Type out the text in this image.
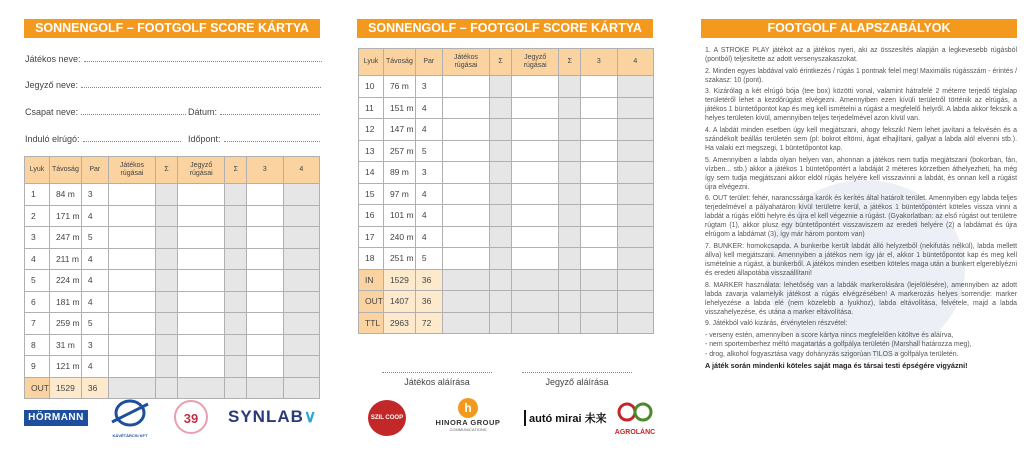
SONNENGOLF – FOOTGOLF SCORE KÁRTYA
Játékos neve:
Jegyző neve:
Csapat neve:	Dátum:
Induló elrúgó:	Időpont:
Lyuk	Távoság	Par	Játékos rúgásai	Σ	Jegyző rúgásai	Σ	3	4
1	84 m	3						
2	171 m	4						
3	247 m	5						
4	211 m	4						
5	224 m	4						
6	181 m	4						
7	259 m	5						
8	31 m	3						
9	121 m	4						
OUT	1529	36						
HÖRMANN
KÁVÉTÁRCSI KFT
39	SYNLAB∨
SONNENGOLF – FOOTGOLF SCORE KÁRTYA
Lyuk	Távoság	Par	Játékos rúgásai	Σ	Jegyző rúgásai	Σ	3	4
10	76 m	3						
11	151 m	4						
12	147 m	4						
13	257 m	5						
14	89 m	3						
15	97 m	4						
16	101 m	4						
17	240 m	4						
18	251 m	5						
IN	1529	36						
OUT	1407	36						
TTL	2963	72						
Játékos aláírása	Jegyző aláírása
SZIL COOP
h
HINORA GROUP
COMMUNICATIONS
autó mirai 未来
AGROLÁNC
FOOTGOLF ALAPSZABÁLYOK

1. A STROKE PLAY játékot az a játékos nyeri, aki az összesítés alapján a legkevesebb rúgásból (pontból) teljesítette az adott versenyszakaszokat.

2. Minden egyes labdával való érintkezés / rúgás 1 pontnak felel meg! Maximális rúgásszám - érintés / szakasz: 10 (pont).

3. Kizárólag a két elrúgó bója (tee box) közötti vonal, valamint hátrafelé 2 méterre terjedő téglalap területéről lehet a kezdőrúgást elvégezni. Amennyiben ezen kívüli területről történik az elrúgás, a játékos 1 büntetőpontot kap és meg kell ismételni a rúgást a megfelelő helyről. A labda akkor fekszik a helyes területen kívül, amennyiben teljes terjedelmével azon kívül van.

4. A labdát minden esetben úgy kell megjátszani, ahogy fekszik! Nem lehet javítani a fekvésén és a szándékolt beállás területén sem (pl: bokrot eltörni, ágat elhajlítani, gallyat a labda alól elvenni stb.). Ha valaki ezt megszegi, 1 büntetőpontot kap.

5. Amennyiben a labda olyan helyen van, ahonnan a játékos nem tudja megjátszani (bokorban, fán, vízben... stb.) akkor a játékos 1 büntetőpontért a labdáját 2 méteres körzetben áthelyezheti, ha még így sem tudja megjátszani akkor eldöl rúgás helyére kell visszavinni a labdát, és onnan kell a rúgást újra elvégezni.

6. OUT terület: fehér, narancssárga karók és kerítés által határolt terület. Amennyiben egy labda teljes terjedelmével a pályahatáron kívül területre kerül, a játékos 1 büntetőpontért köteles vissza vinni a labdát a rúgás előtti helyre és újra el kell végeznie a rúgást. (Gyakorlatban: az első rúgást out területre rúgtam (1), akkor plusz egy büntetőpontért visszaviszem az eredeti helyére (2) a labdámat és újra elrúgom a labdámat (3), így már három pontom van)

7. BUNKER: homokcsapda. A bunkerbe került labdát álló helyzetből (nekifutás nélkül), labda mellett állva) kell megjátszani. Amennyiben a játékos nem így jár el, akkor 1 büntetőpontot kap és meg kell ismételnie a rúgást, a bunkerből. A játékos minden esetben köteles maga után a bunkert elgereblyézni és eredeti állapotába visszaállítani!

8. MARKER használata: lehetőség van a labdák markerolására (lejelölésére), amennyiben az adott labda zavarja valamelyik játékost a rúgás elvégzésében! A markerozás helyes sorrendje: marker lehelyezése a labda elé (nem közelebb a lyukhoz), labda eltávolítása, felvétele, majd a labda visszahelyezése, és utána a marker eltávolítása.

9. Játékból való kizárás, érvénytelen részvétel:

- verseny estén, amennyiben a score kártya nincs megfelelően kitöltve és aláírva,

- nem sportemberhez méltó magatartás a golfpálya területén (Marshall határozza meg),

- drog, alkohol fogyasztása vagy dohányzás szigorúan TILOS a golfpálya területén.

A játék során mindenki köteles saját maga és társai testi épségére vigyázni!
